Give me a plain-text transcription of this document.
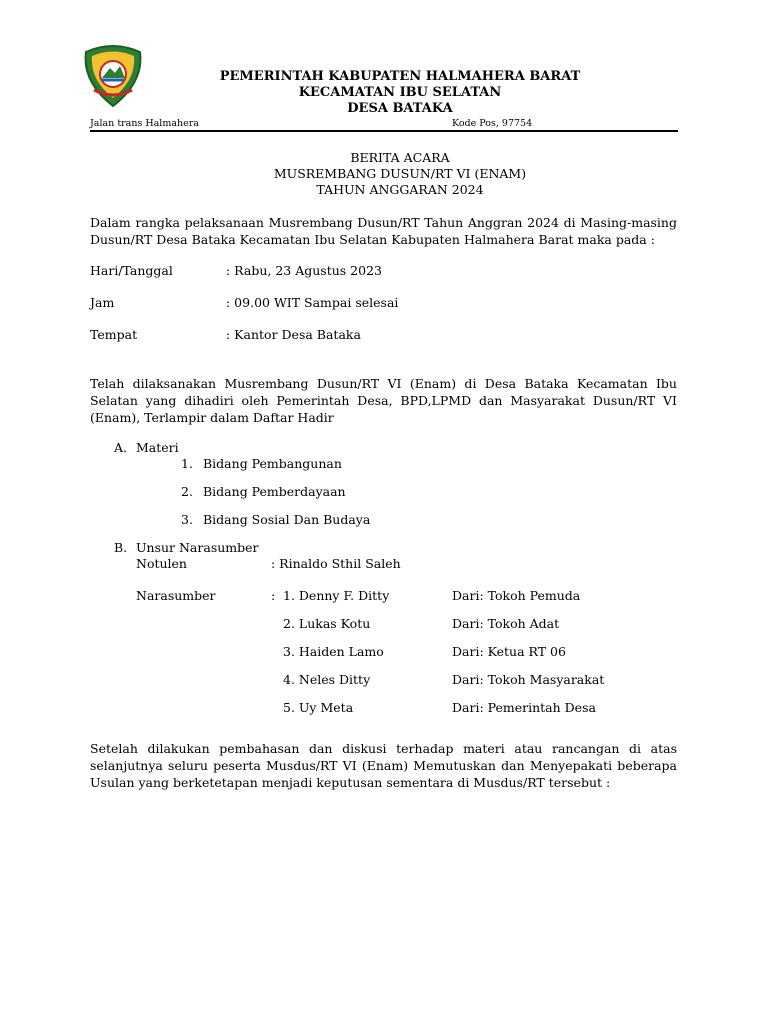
PEMERINTAH KABUPATEN HALMAHERA BARAT
KECAMATAN IBU SELATAN
DESA BATAKA
Jalan trans Halmahera	Kode Pos, 97754
BERITA ACARA
MUSREMBANG DUSUN/RT VI (ENAM)
TAHUN ANGGARAN 2024
Dalam rangka pelaksanaan Musrembang Dusun/RT Tahun Anggran 2024 di Masing-masing Dusun/RT Desa Bataka Kecamatan Ibu Selatan Kabupaten Halmahera Barat maka pada :
Hari/Tanggal	: Rabu, 23 Agustus 2023
Jam	: 09.00 WIT Sampai selesai
Tempat	: Kantor Desa Bataka
Telah dilaksanakan Musrembang Dusun/RT VI (Enam) di Desa Bataka Kecamatan Ibu Selatan yang dihadiri oleh Pemerintah Desa, BPD,LPMD dan Masyarakat Dusun/RT VI (Enam), Terlampir dalam Daftar Hadir
A. Materi
1. Bidang Pembangunan
2. Bidang Pemberdayaan
3. Bidang Sosial Dan Budaya
B. Unsur Narasumber
Notulen	: Rinaldo Sthil Saleh
Narasumber	: 1. Denny F. Ditty	Dari: Tokoh Pemuda
2. Lukas Kotu	Dari: Tokoh Adat
3. Haiden Lamo	Dari: Ketua RT 06
4. Neles Ditty	Dari: Tokoh Masyarakat
5. Uy Meta	Dari: Pemerintah Desa
Setelah dilakukan pembahasan dan diskusi terhadap materi atau rancangan di atas selanjutnya seluru peserta Musdus/RT VI (Enam) Memutuskan dan Menyepakati beberapa Usulan yang berketetapan menjadi keputusan sementara di Musdus/RT tersebut :
